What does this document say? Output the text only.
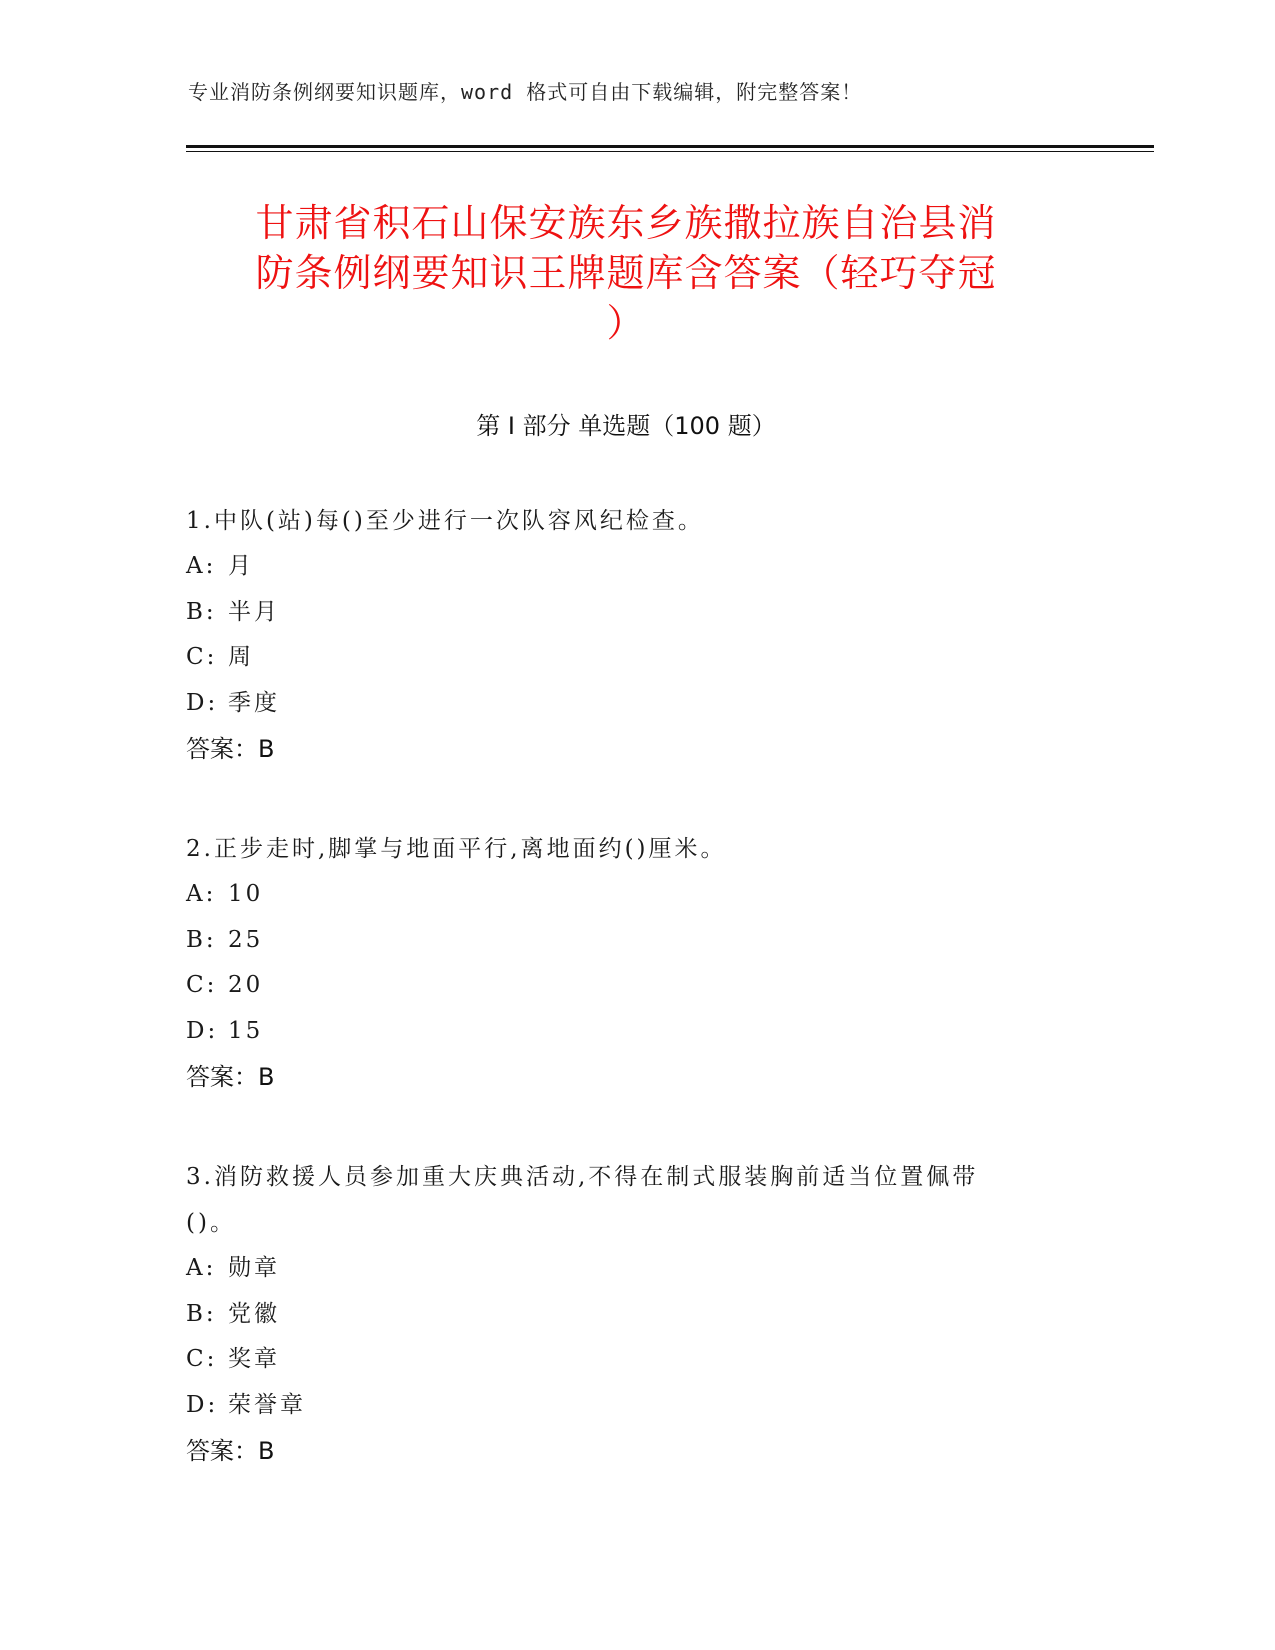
专业消防条例纲要知识题库，word 格式可自由下载编辑，附完整答案！
甘肃省积石山保安族东乡族撒拉族自治县消
防条例纲要知识王牌题库含答案（轻巧夺冠
）
第 I 部分 单选题（100 题）
1.中队(站)每()至少进行一次队容风纪检查。
A: 月
B: 半月
C: 周
D: 季度
答案：B
2.正步走时,脚掌与地面平行,离地面约()厘米。
A: 10
B: 25
C: 20
D: 15
答案：B
3.消防救援人员参加重大庆典活动,不得在制式服装胸前适当位置佩带
()。
A: 勋章
B: 党徽
C: 奖章
D: 荣誉章
答案：B
